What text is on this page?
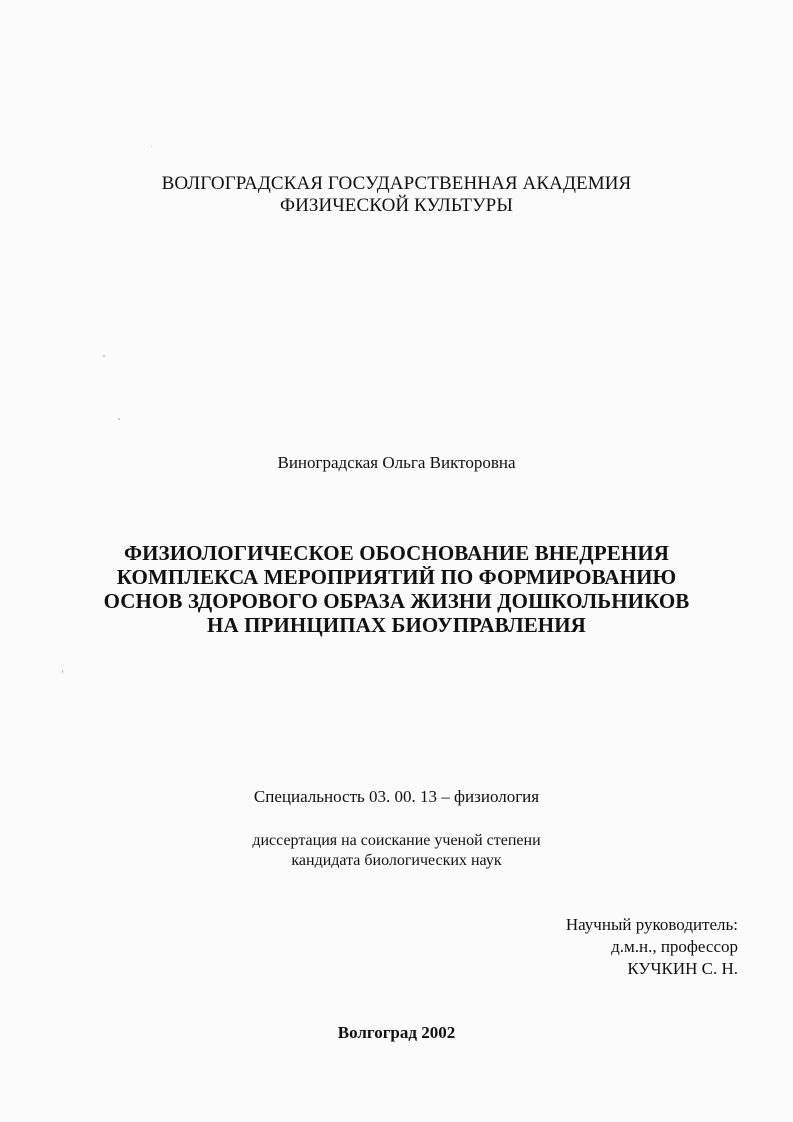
ВОЛГОГРАДСКАЯ ГОСУДАРСТВЕННАЯ АКАДЕМИЯ
ФИЗИЧЕСКОЙ КУЛЬТУРЫ
Виноградская Ольга Викторовна
ФИЗИОЛОГИЧЕСКОЕ ОБОСНОВАНИЕ ВНЕДРЕНИЯ
КОМПЛЕКСА МЕРОПРИЯТИЙ ПО ФОРМИРОВАНИЮ
ОСНОВ ЗДОРОВОГО ОБРАЗА ЖИЗНИ ДОШКОЛЬНИКОВ
НА ПРИНЦИПАХ БИОУПРАВЛЕНИЯ
Специальность 03. 00. 13 – физиология
диссертация на соискание ученой степени
кандидата биологических наук
Научный руководитель:
д.м.н., профессор
КУЧКИН С. Н.
Волгоград 2002
